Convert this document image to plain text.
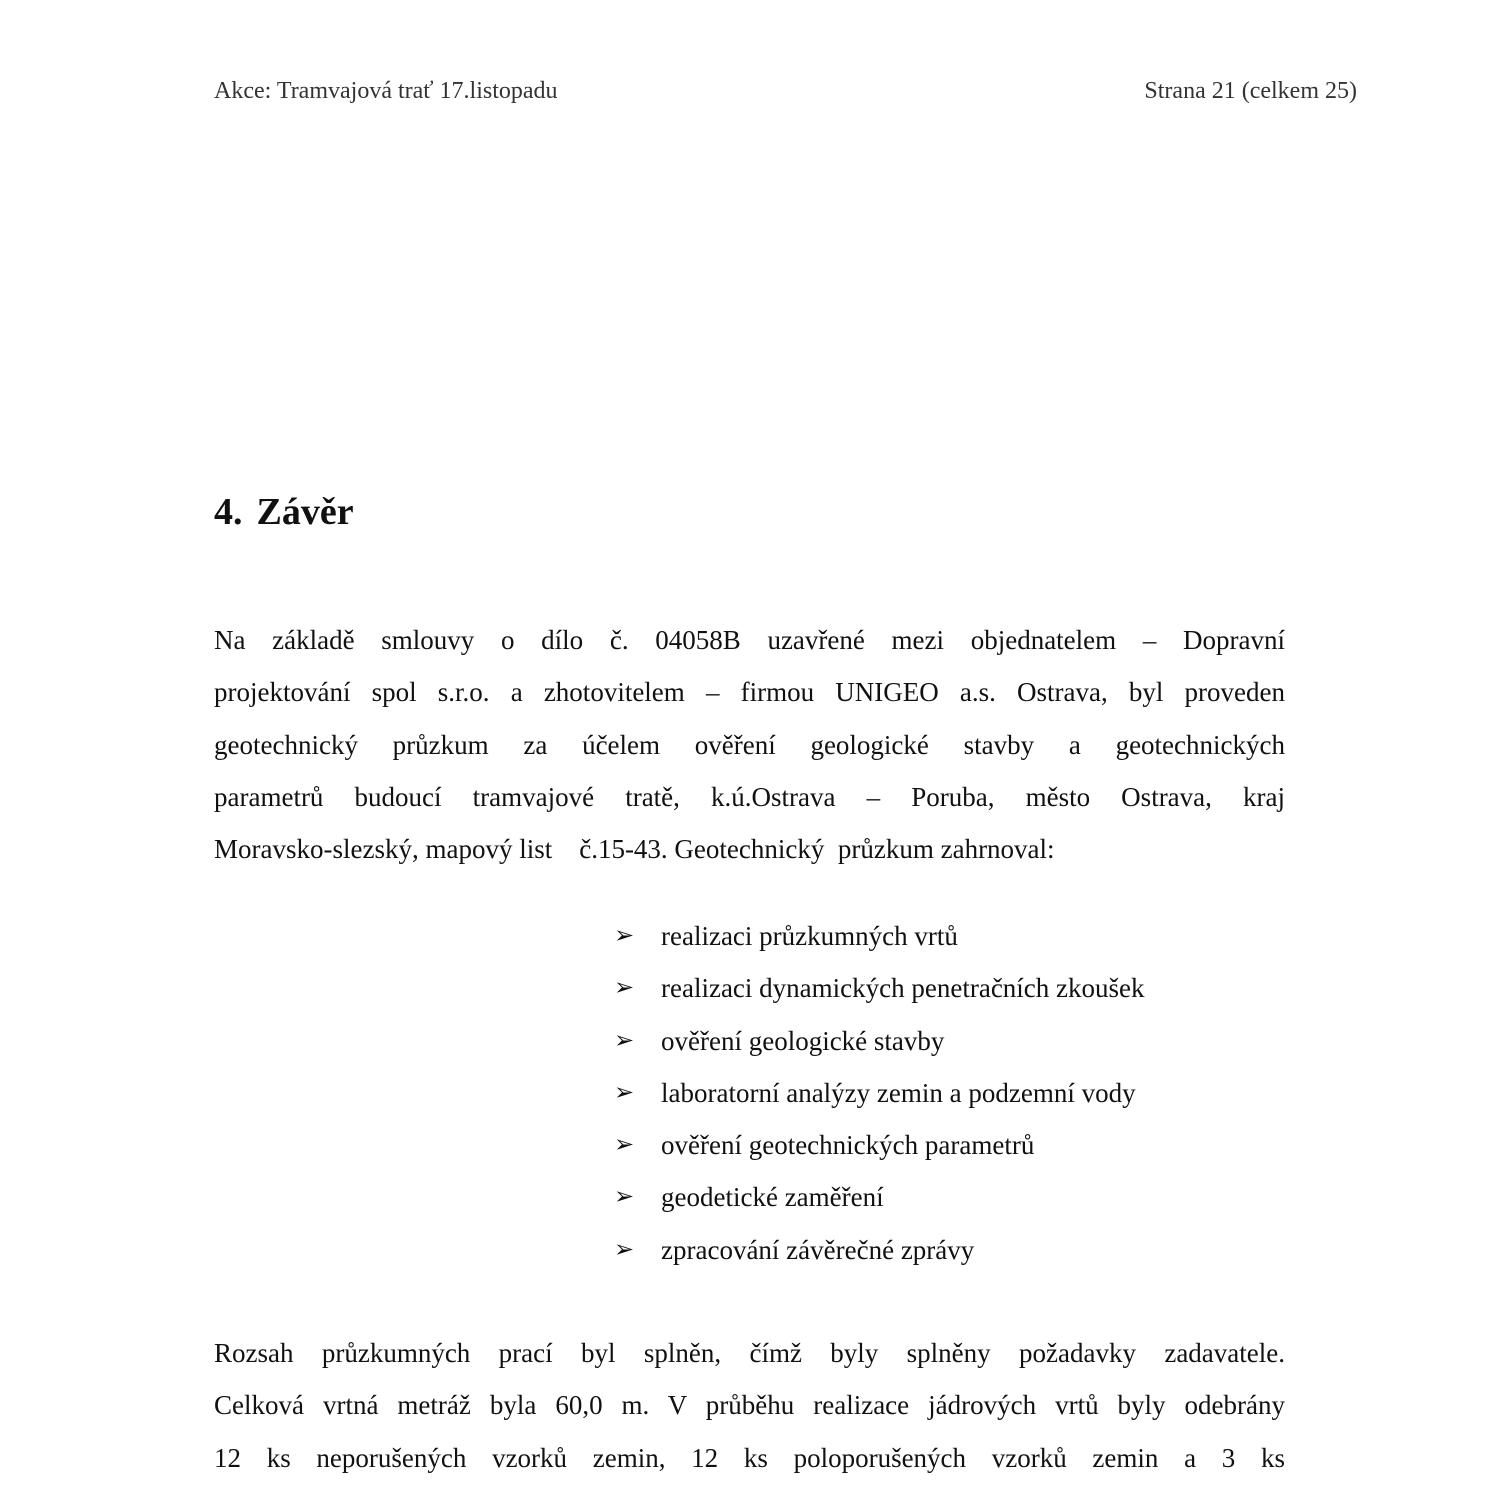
Akce: Tramvajová trať 17.listopadu	Strana 21 (celkem 25)
4. Závěr
Na základě smlouvy o dílo č. 04058B uzavřené mezi objednatelem – Dopravní
projektování spol s.r.o. a zhotovitelem – firmou UNIGEO a.s. Ostrava, byl proveden
geotechnický průzkum za účelem ověření geologické stavby a geotechnických
parametrů budoucí tramvajové tratě, k.ú.Ostrava – Poruba, město Ostrava, kraj
Moravsko-slezský, mapový list    č.15-43. Geotechnický  průzkum zahrnoval:
➢ realizaci průzkumných vrtů
➢ realizaci dynamických penetračních zkoušek
➢ ověření geologické stavby
➢ laboratorní analýzy zemin a podzemní vody
➢ ověření geotechnických parametrů
➢ geodetické zaměření
➢ zpracování závěrečné zprávy
Rozsah průzkumných prací byl splněn, čímž byly splněny požadavky zadavatele.
Celková vrtná metráž byla 60,0 m. V průběhu realizace jádrových vrtů byly odebrány
12 ks neporušených vzorků zemin, 12 ks poloporušených vzorků zemin a 3 ks
